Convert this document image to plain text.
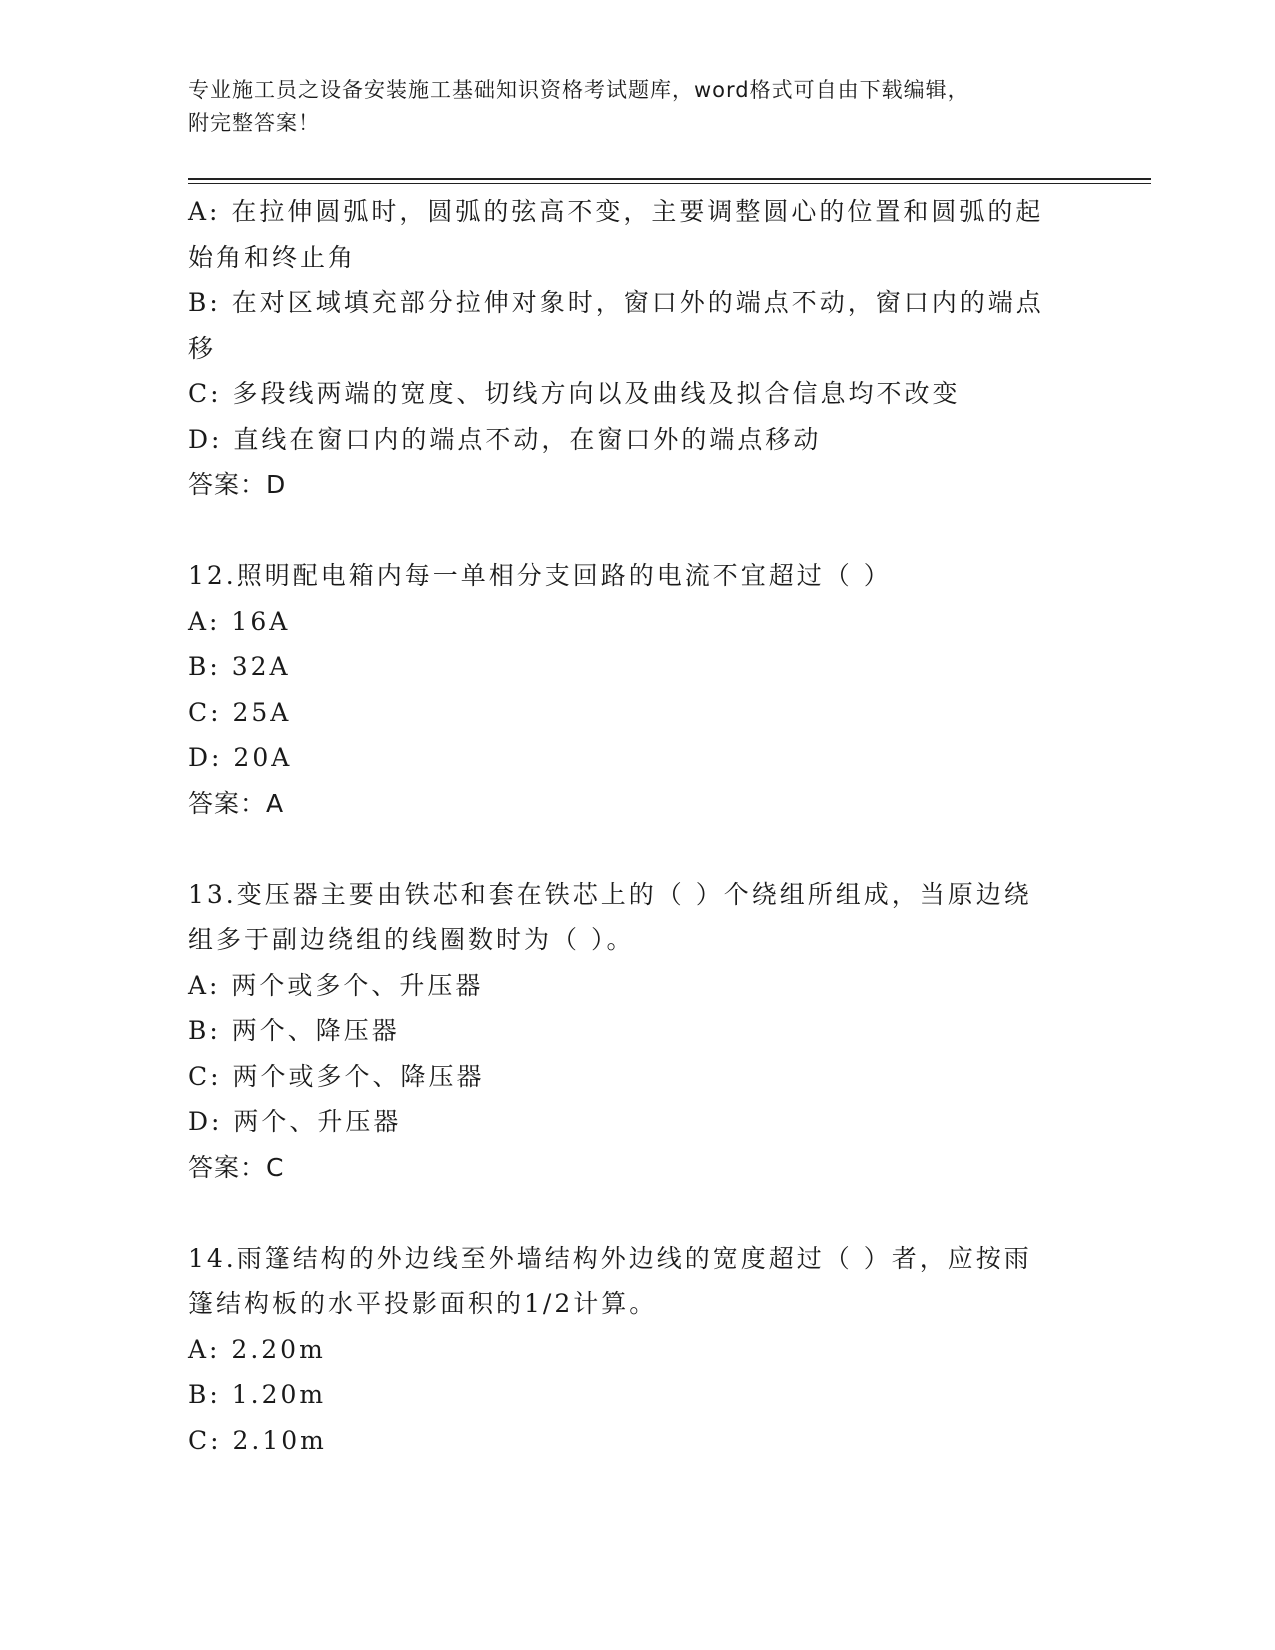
专业施工员之设备安装施工基础知识资格考试题库，word格式可自由下载编辑，
附完整答案！
A: 在拉伸圆弧时，圆弧的弦高不变，主要调整圆心的位置和圆弧的起
始角和终止角
B: 在对区域填充部分拉伸对象时，窗口外的端点不动，窗口内的端点
移
C: 多段线两端的宽度、切线方向以及曲线及拟合信息均不改变
D: 直线在窗口内的端点不动，在窗口外的端点移动
答案：D
12.照明配电箱内每一单相分支回路的电流不宜超过（ ）
A: 16A
B: 32A
C: 25A
D: 20A
答案：A
13.变压器主要由铁芯和套在铁芯上的（ ）个绕组所组成，当原边绕
组多于副边绕组的线圈数时为（ ）。
A: 两个或多个、升压器
B: 两个、降压器
C: 两个或多个、降压器
D: 两个、升压器
答案：C
14.雨篷结构的外边线至外墙结构外边线的宽度超过（ ）者，应按雨
篷结构板的水平投影面积的1/2计算。
A: 2.20m
B: 1.20m
C: 2.10m
